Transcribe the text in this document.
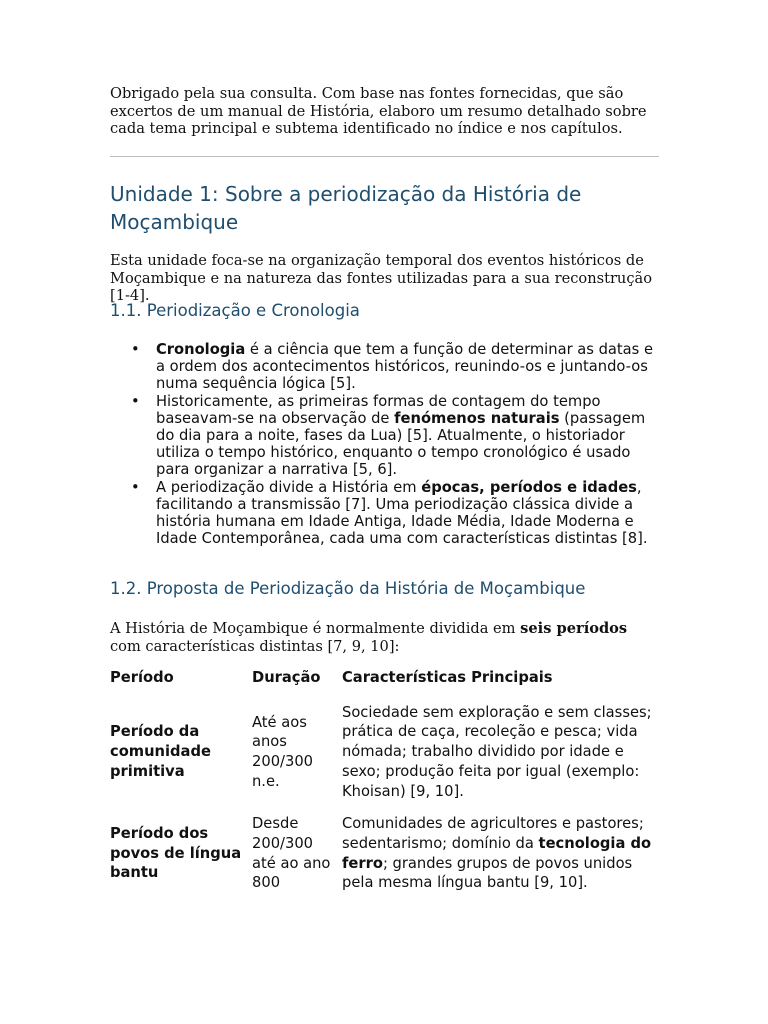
Obrigado pela sua consulta. Com base nas fontes fornecidas, que são excertos de um manual de História, elaboro um resumo detalhado sobre cada tema principal e subtema identificado no índice e nos capítulos.

Unidade 1: Sobre a periodização da História de Moçambique

Esta unidade foca-se na organização temporal dos eventos históricos de Moçambique e na natureza das fontes utilizadas para a sua reconstrução [1-4].

1.1. Periodização e Cronologia
• Cronologia é a ciência que tem a função de determinar as datas e a ordem dos acontecimentos históricos, reunindo-os e juntando-os numa sequência lógica [5].
• Historicamente, as primeiras formas de contagem do tempo baseavam-se na observação de fenómenos naturais (passagem do dia para a noite, fases da Lua) [5]. Atualmente, o historiador utiliza o tempo histórico, enquanto o tempo cronológico é usado para organizar a narrativa [5, 6].
• A periodização divide a História em épocas, períodos e idades, facilitando a transmissão [7]. Uma periodização clássica divide a história humana em Idade Antiga, Idade Média, Idade Moderna e Idade Contemporânea, cada uma com características distintas [8].
1.2. Proposta de Periodização da História de Moçambique

A História de Moçambique é normalmente dividida em seis períodos com características distintas [7, 9, 10]:

Período	Duração	Características Principais
Período da comunidade primitiva	Até aos anos 200/300 n.e.	Sociedade sem exploração e sem classes; prática de caça, recoleção e pesca; vida nómada; trabalho dividido por idade e sexo; produção feita por igual (exemplo: Khoisan) [9, 10].
Período dos povos de língua bantu	Desde 200/300 até ao ano 800	Comunidades de agricultores e pastores; sedentarismo; domínio da tecnologia do ferro; grandes grupos de povos unidos pela mesma língua bantu [9, 10].
